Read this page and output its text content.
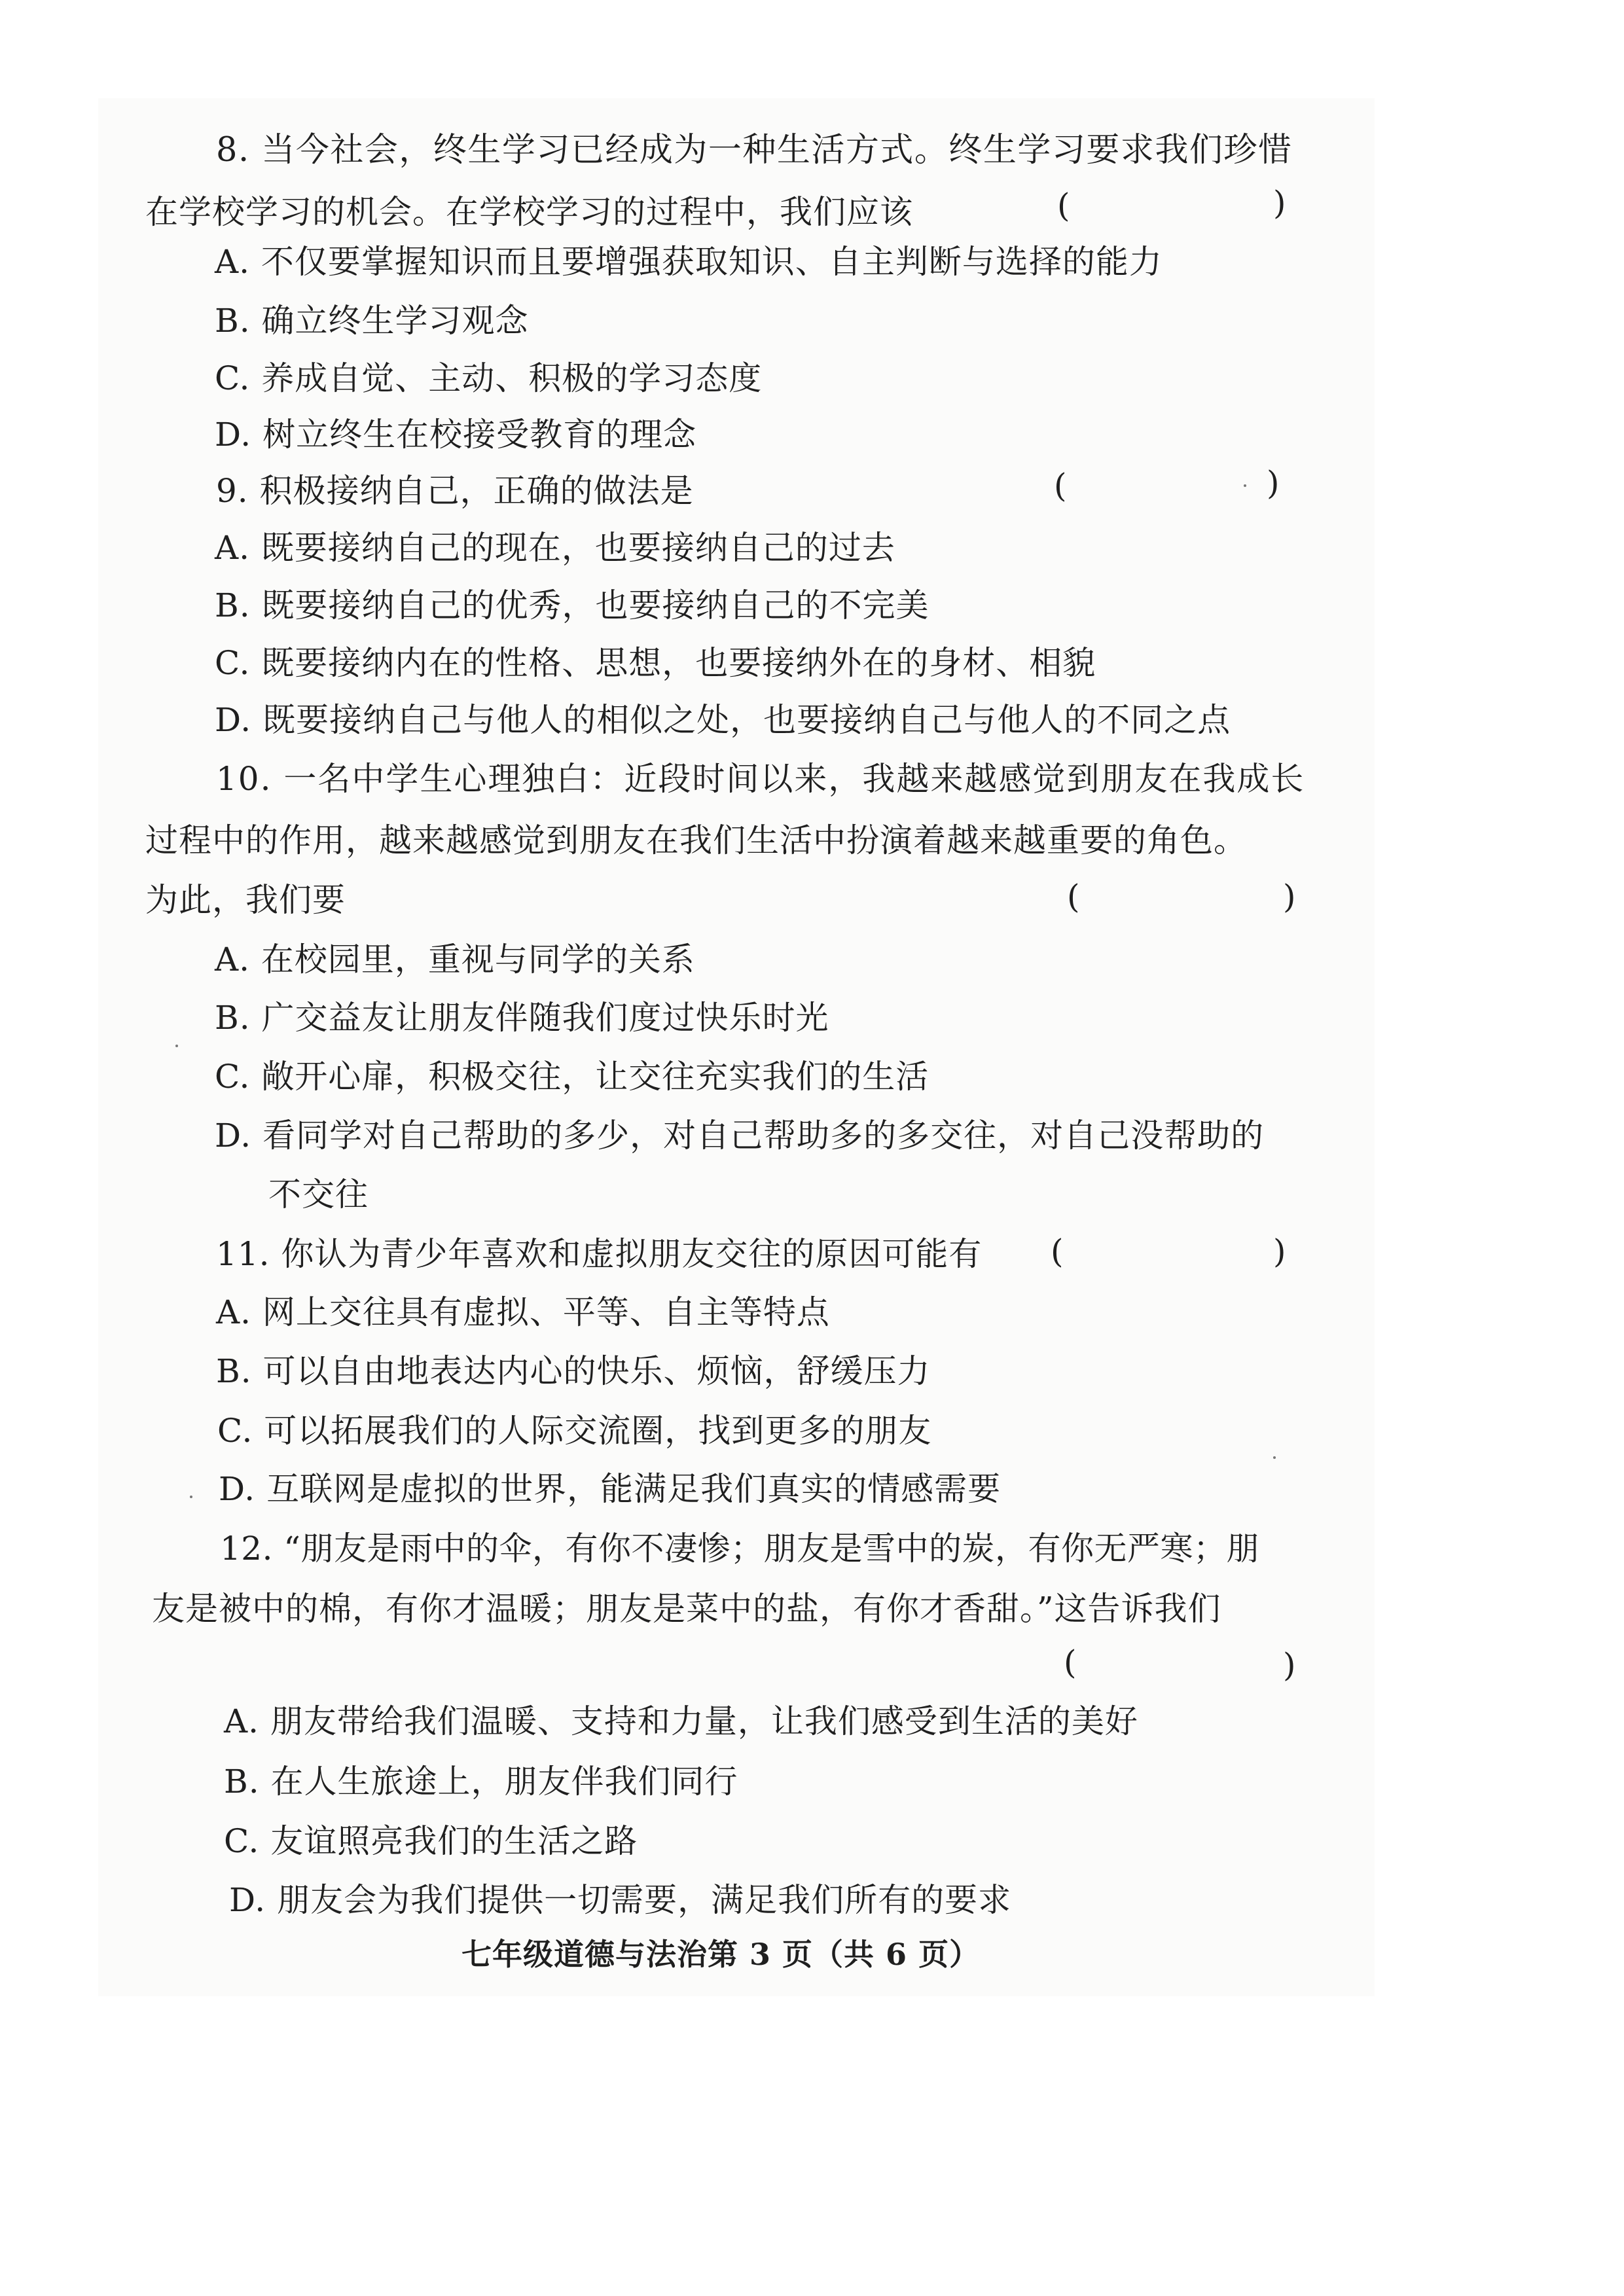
8. 当今社会，终生学习已经成为一种生活方式。终生学习要求我们珍惜
在学校学习的机会。在学校学习的过程中，我们应该	(	)
A. 不仅要掌握知识而且要增强获取知识、自主判断与选择的能力
B. 确立终生学习观念
C. 养成自觉、主动、积极的学习态度
D. 树立终生在校接受教育的理念
9. 积极接纳自己，正确的做法是	(	)
A. 既要接纳自己的现在，也要接纳自己的过去
B. 既要接纳自己的优秀，也要接纳自己的不完美
C. 既要接纳内在的性格、思想，也要接纳外在的身材、相貌
D. 既要接纳自己与他人的相似之处，也要接纳自己与他人的不同之点
10. 一名中学生心理独白：近段时间以来，我越来越感觉到朋友在我成长
过程中的作用，越来越感觉到朋友在我们生活中扮演着越来越重要的角色。
为此，我们要	(	)
A. 在校园里，重视与同学的关系
B. 广交益友让朋友伴随我们度过快乐时光
C. 敞开心扉，积极交往，让交往充实我们的生活
D. 看同学对自己帮助的多少，对自己帮助多的多交往，对自己没帮助的
不交往
11. 你认为青少年喜欢和虚拟朋友交往的原因可能有 (	)
A. 网上交往具有虚拟、平等、自主等特点
B. 可以自由地表达内心的快乐、烦恼，舒缓压力
C. 可以拓展我们的人际交流圈，找到更多的朋友
D. 互联网是虚拟的世界，能满足我们真实的情感需要
12. “朋友是雨中的伞，有你不凄惨；朋友是雪中的炭，有你无严寒；朋
友是被中的棉，有你才温暖；朋友是菜中的盐，有你才香甜。”这告诉我们
(	)
A. 朋友带给我们温暖、支持和力量，让我们感受到生活的美好
B. 在人生旅途上，朋友伴我们同行
C. 友谊照亮我们的生活之路
D. 朋友会为我们提供一切需要，满足我们所有的要求
七年级道德与法治第 3 页（共 6 页）
